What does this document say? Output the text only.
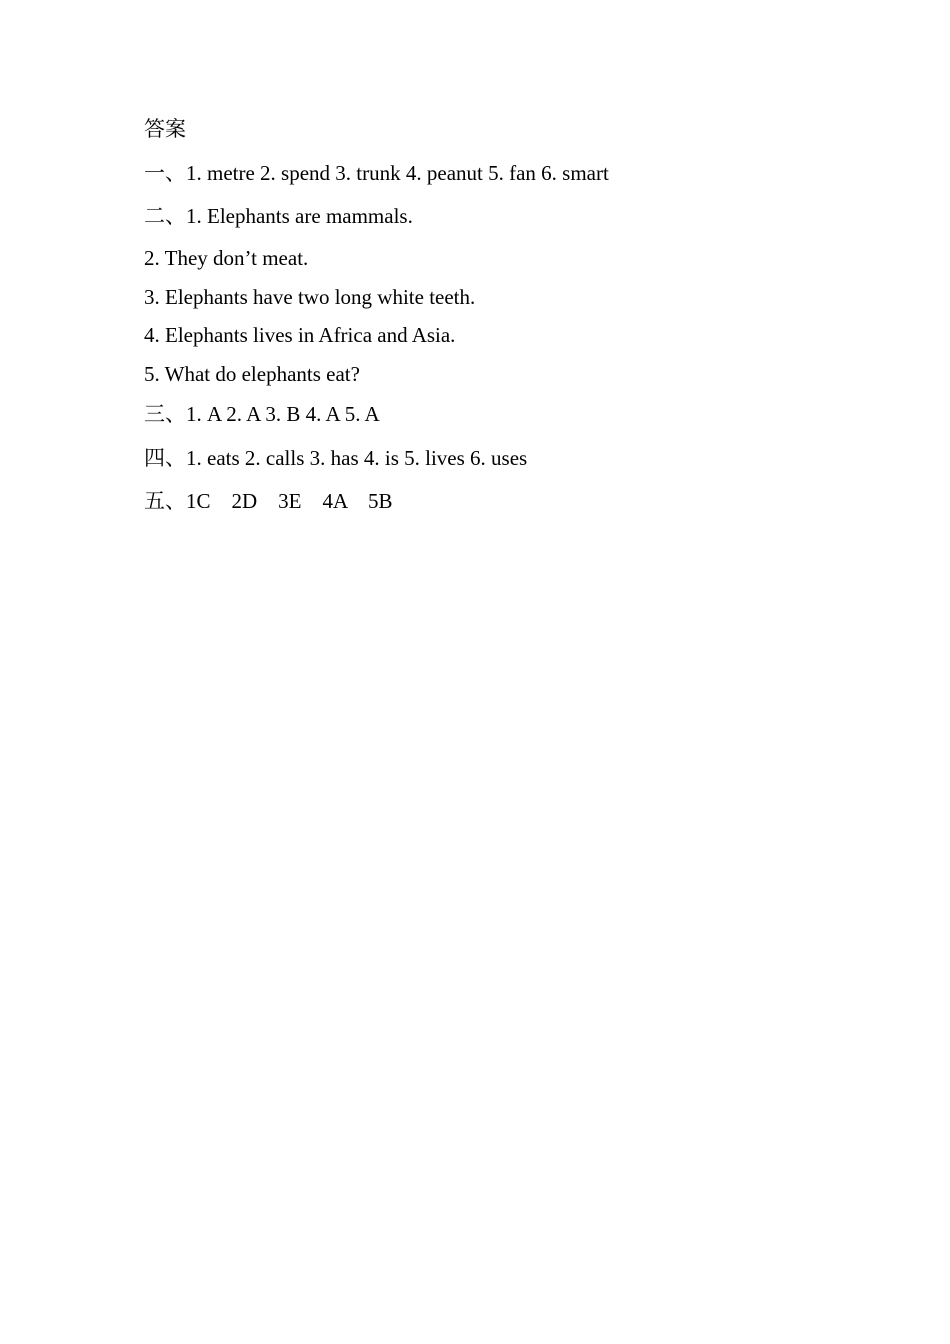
答案
一、1. metre 2. spend 3. trunk 4. peanut 5. fan 6. smart
二、1. Elephants are mammals.
2. They don’t meat.
3. Elephants have two long white teeth.
4. Elephants lives in Africa and Asia.
5. What do elephants eat?
三、1. A 2. A 3. B 4. A 5. A
四、1. eats 2. calls 3. has 4. is 5. lives 6. uses
五、1C    2D    3E    4A    5B
